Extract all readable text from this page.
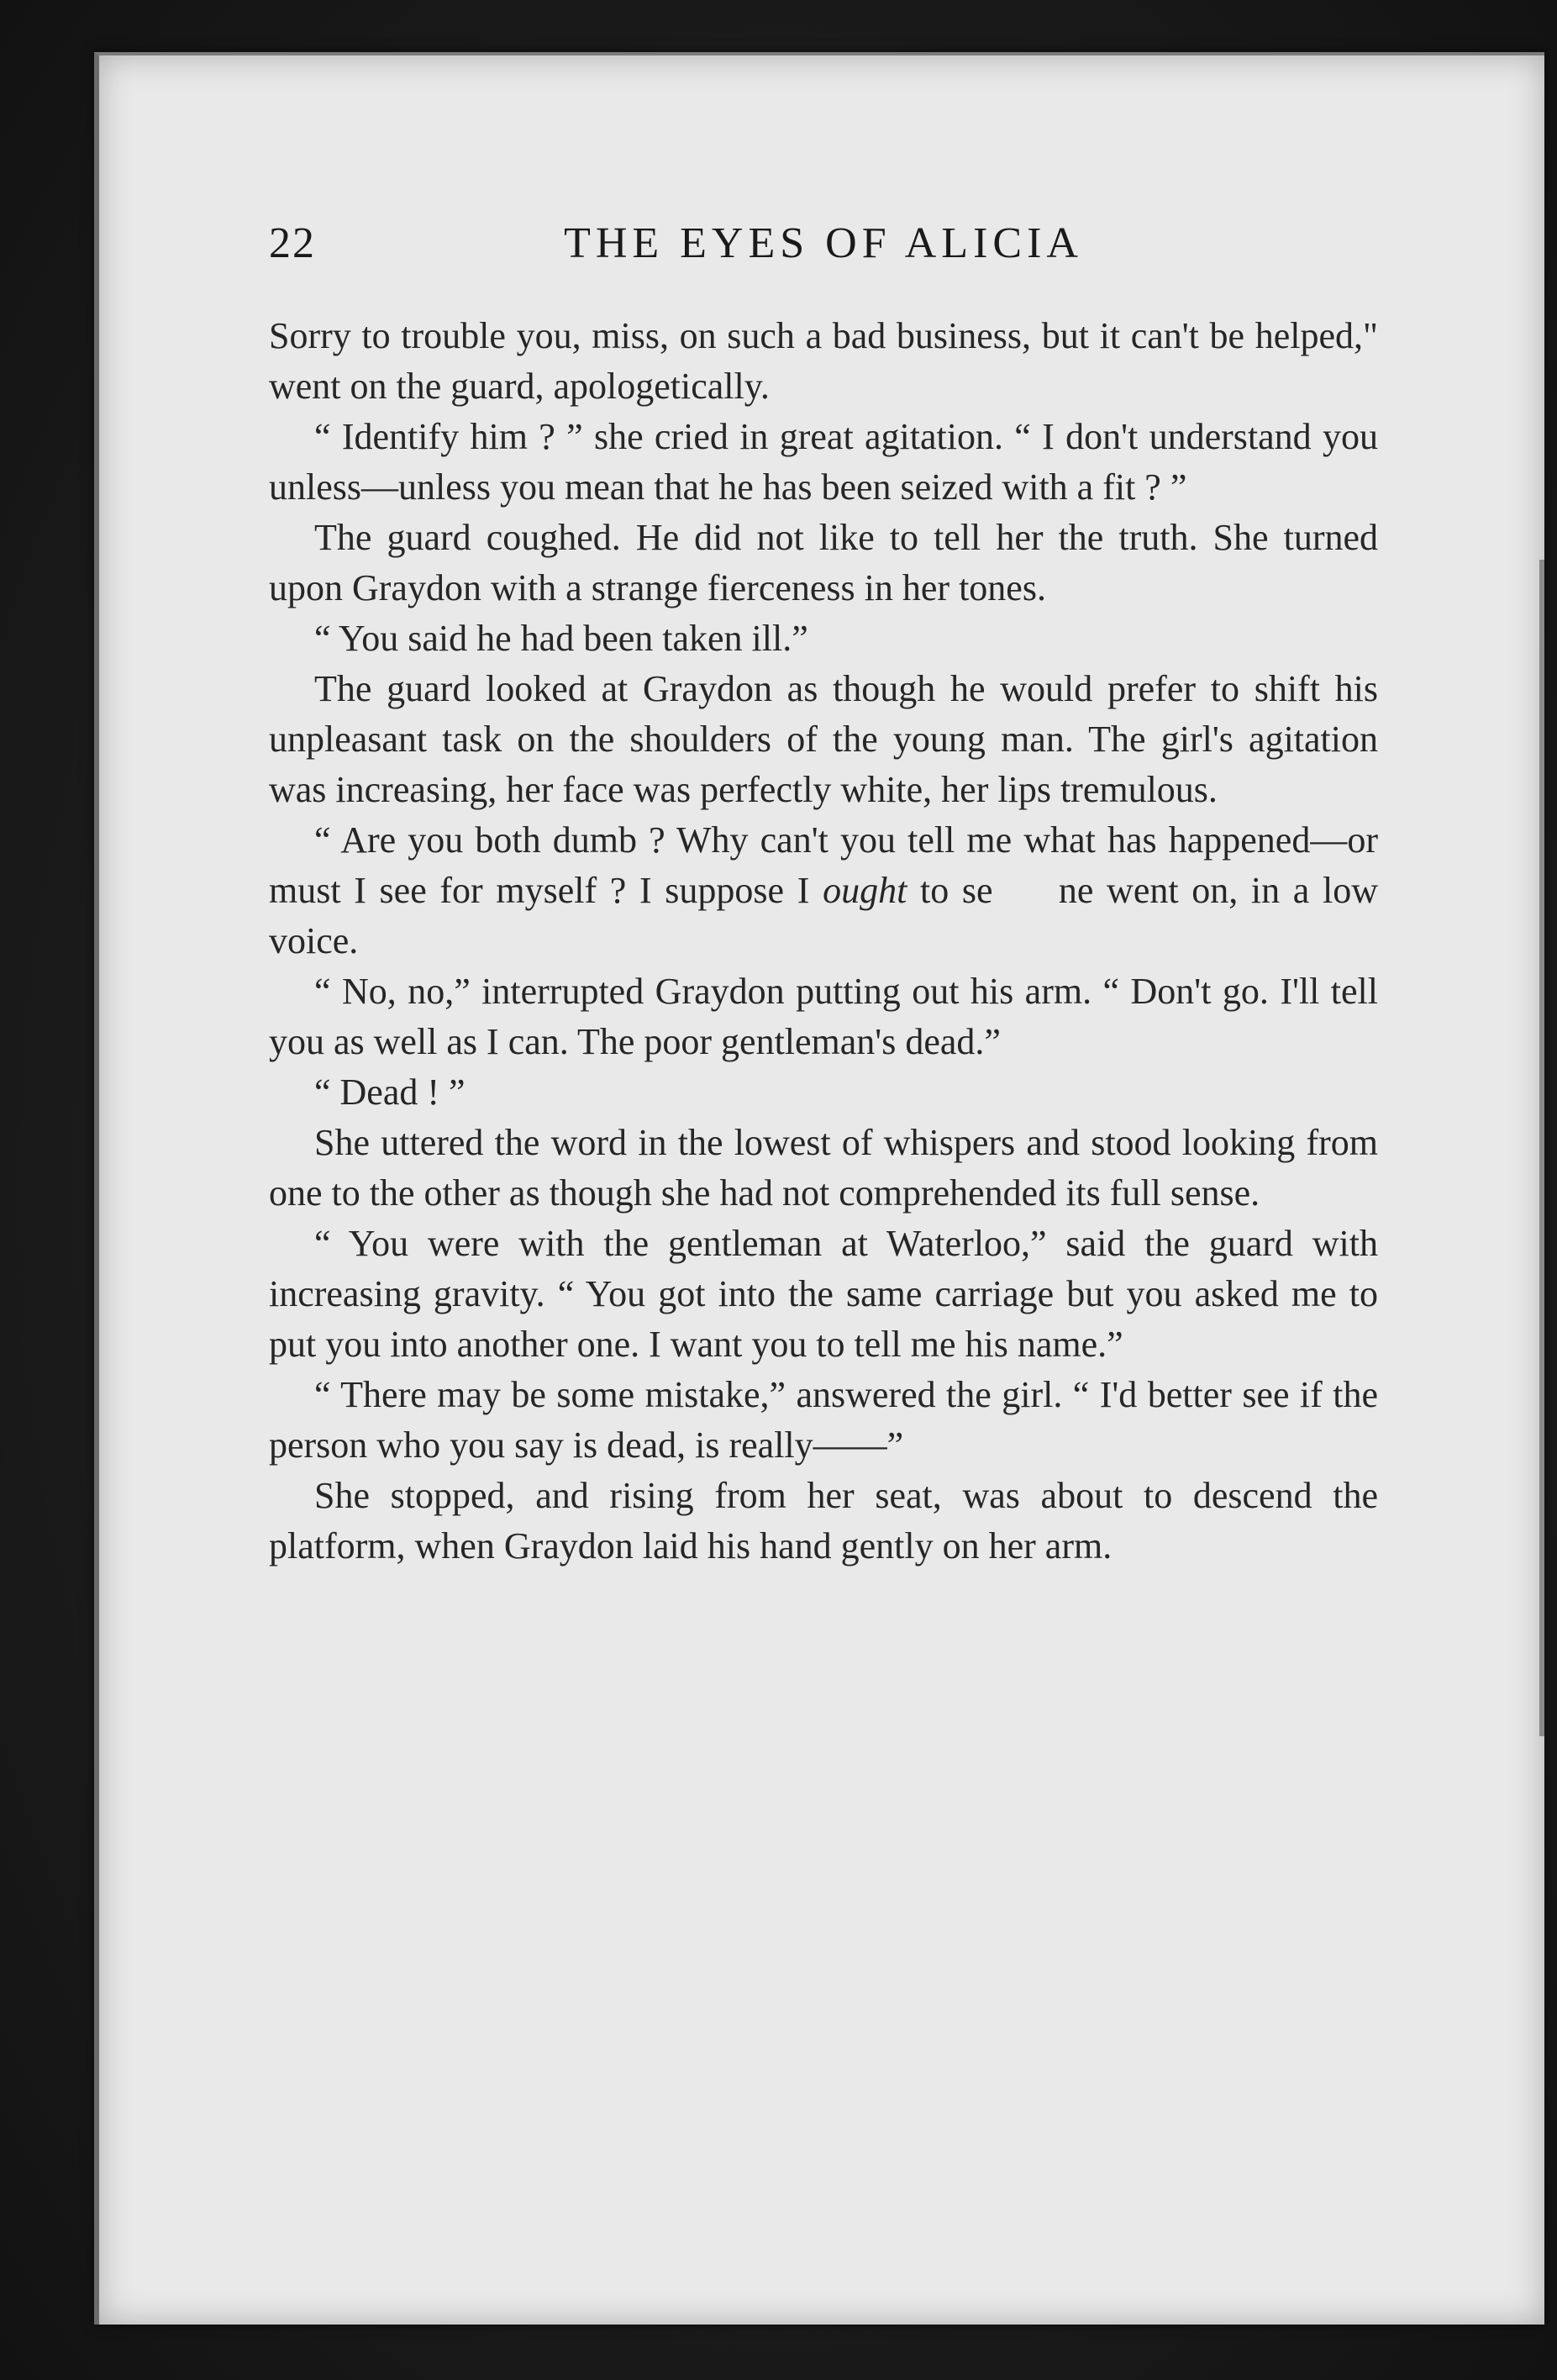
22	THE EYES OF ALICIA

Sorry to trouble you, miss, on such a bad business, but it can't be helped," went on the guard, apologetically.

“ Identify him ? ” she cried in great agitation. “ I don't understand you unless—unless you mean that he has been seized with a fit ? ”

The guard coughed. He did not like to tell her the truth. She turned upon Graydon with a strange fierceness in her tones.

“ You said he had been taken ill.”

The guard looked at Graydon as though he would prefer to shift his unpleasant task on the shoulders of the young man. The girl's agitation was increasing, her face was perfectly white, her lips tremulous.

“ Are you both dumb ? Why can't you tell me what has happened—or must I see for myself ? I suppose I ought to se     ne went on, in a low voice.

“ No, no,” interrupted Graydon putting out his arm. “ Don't go. I'll tell you as well as I can. The poor gentleman's dead.”

“ Dead ! ”

She uttered the word in the lowest of whispers and stood looking from one to the other as though she had not comprehended its full sense.

“ You were with the gentleman at Waterloo,” said the guard with increasing gravity. “ You got into the same carriage but you asked me to put you into another one. I want you to tell me his name.”

“ There may be some mistake,” answered the girl. “ I'd better see if the person who you say is dead, is really——”

She stopped, and rising from her seat, was about to descend the platform, when Graydon laid his hand gently on her arm.
